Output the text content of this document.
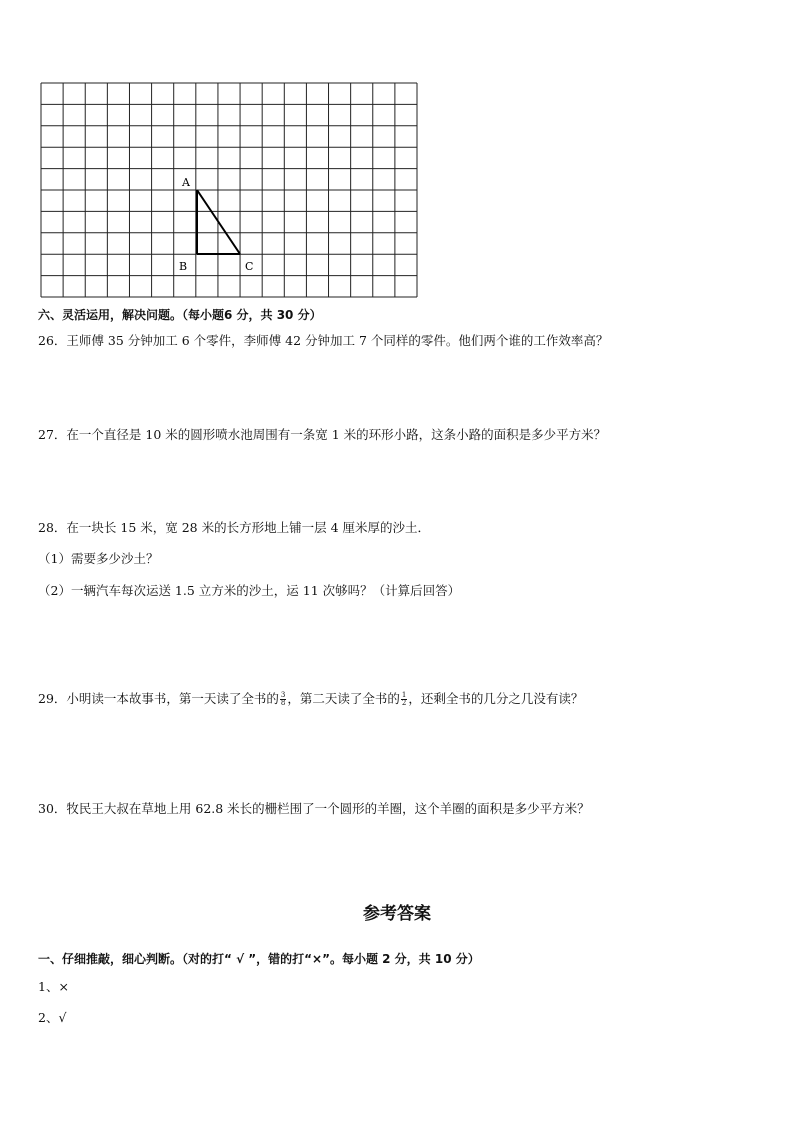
A
B	C
六、灵活运用，解决问题。（每小题6 分，共 30 分）
26．王师傅 35 分钟加工 6 个零件，李师傅 42 分钟加工 7 个同样的零件。他们两个谁的工作效率高？
27．在一个直径是 10 米的圆形喷水池周围有一条宽 1 米的环形小路，这条小路的面积是多少平方米？
28．在一块长 15 米，宽 28 米的长方形地上铺一层 4 厘米厚的沙土．
（1）需要多少沙土？
（2）一辆汽车每次运送 1.5 立方米的沙土，运 11 次够吗？（计算后回答）
29．小明读一本故事书，第一天读了全书的 $\frac{3}{8}$ ，第二天读了全书的 $\frac{1}{2}$ ，还剩全书的几分之几没有读？
30．牧民王大叔在草地上用 62.8 米长的栅栏围了一个圆形的羊圈，这个羊圈的面积是多少平方米？
参考答案
一、仔细推敲，细心判断。（对的打“ √ ”，错的打“×”。每小题 2 分，共 10 分）
1、×
2、√
